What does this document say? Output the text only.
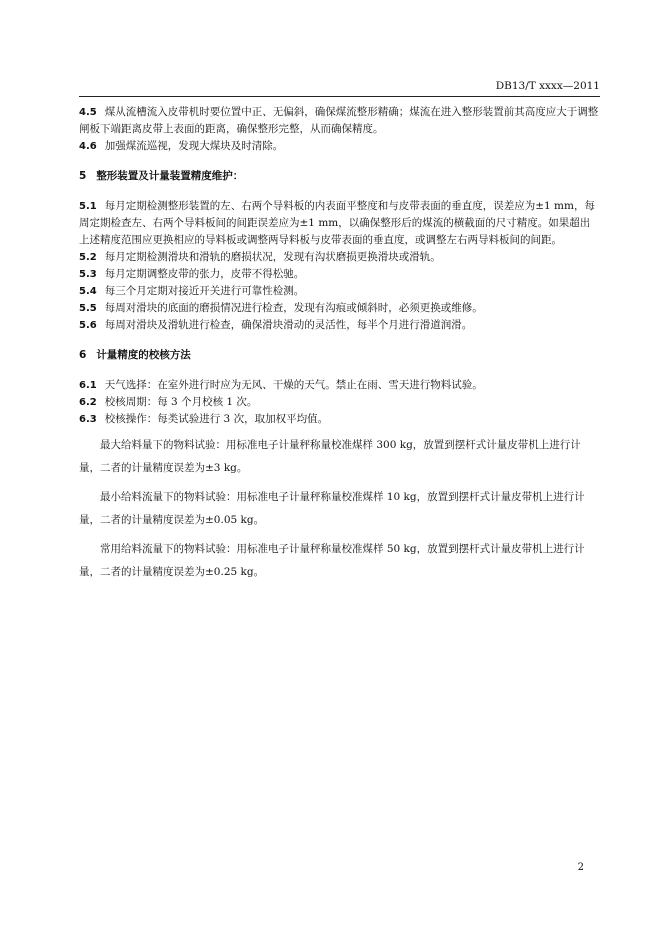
DB13/T xxxx—2011

4.5 煤从流槽流入皮带机时要位置中正、无偏斜，确保煤流整形精确；煤流在进入整形装置前其高度应大于调整闸板下端距离皮带上表面的距离，确保整形完整，从而确保精度。

4.6 加强煤流巡视，发现大煤块及时清除。

5 整形装置及计量装置精度维护：

5.1 每月定期检测整形装置的左、右两个导料板的内表面平整度和与皮带表面的垂直度，误差应为±1 mm，每周定期检查左、右两个导料板间的间距误差应为±1 mm，以确保整形后的煤流的横截面的尺寸精度。如果超出上述精度范围应更换相应的导料板或调整两导料板与皮带表面的垂直度，或调整左右两导料板间的间距。

5.2 每月定期检测滑块和滑轨的磨损状况，发现有沟状磨损更换滑块或滑轨。

5.3 每月定期调整皮带的张力，皮带不得松驰。

5.4 每三个月定期对接近开关进行可靠性检测。

5.5 每周对滑块的底面的磨损情况进行检查，发现有沟痕或倾斜时，必须更换或维修。

5.6 每周对滑块及滑轨进行检查，确保滑块滑动的灵活性，每半个月进行滑道润滑。

6 计量精度的校核方法

6.1 天气选择：在室外进行时应为无风、干燥的天气。禁止在雨、雪天进行物料试验。

6.2 校核周期：每 3 个月校核 1 次。

6.3 校核操作：每类试验进行 3 次，取加权平均值。

最大给料量下的物料试验：用标准电子计量秤称量校准煤样 300 kg，放置到摆杆式计量皮带机上进行计量，二者的计量精度误差为±3 kg。

最小给料流量下的物料试验：用标准电子计量秤称量校准煤样 10 kg，放置到摆杆式计量皮带机上进行计量，二者的计量精度误差为±0.05 kg。

常用给料流量下的物料试验：用标准电子计量秤称量校准煤样 50 kg，放置到摆杆式计量皮带机上进行计量，二者的计量精度误差为±0.25 kg。

2
